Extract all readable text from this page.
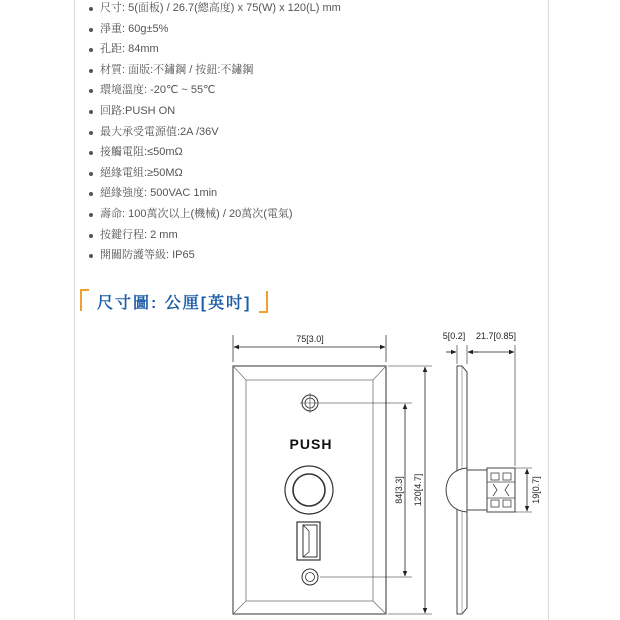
尺寸: 5(面板) / 26.7(總高度) x 75(W) x 120(L) mm
淨重: 60g±5%
孔距: 84mm
材質: 面版:不鏽鋼 / 按鈕:不鏽鋼
環境溫度: -20℃ ~ 55℃
回路:PUSH ON
最大承受電源值:2A /36V
接觸電阻:≤50mΩ
絕緣電組:≥50MΩ
絕緣強度: 500VAC 1min
壽命: 100萬次以上(機械) / 20萬次(電氣)
按鍵行程: 2 mm
開關防護等級: IP65
尺寸圖: 公厘[英吋]
PUSH
75[3.0]
84[3.3] 120[4.7]
5[0.2] 21.7[0.85]
19[0.7]
